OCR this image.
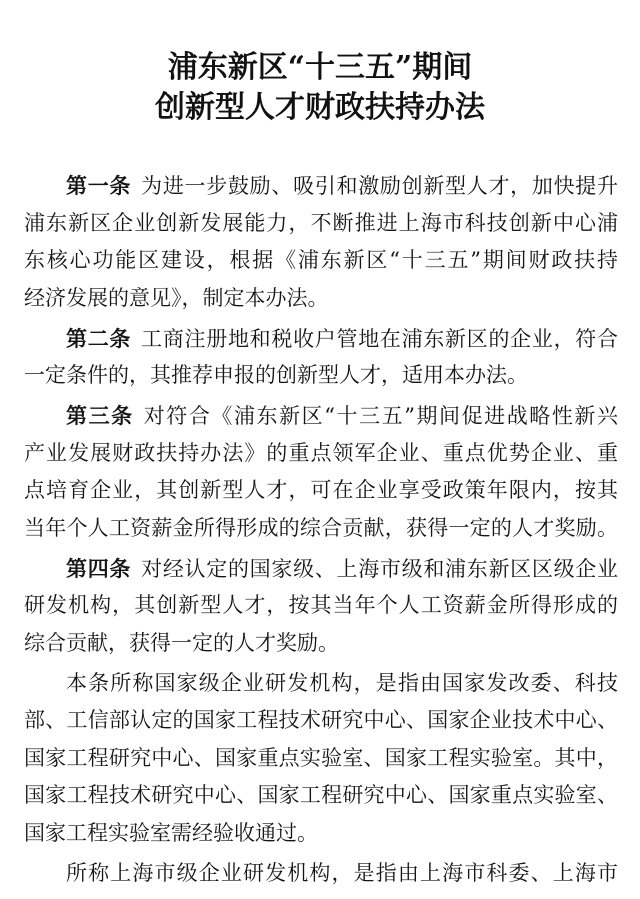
浦东新区“十三五”期间
创新型人才财政扶持办法
第一条 为进一步鼓励、吸引和激励创新型人才，加快提升
浦东新区企业创新发展能力，不断推进上海市科技创新中心浦
东核心功能区建设，根据《浦东新区“十三五”期间财政扶持
经济发展的意见》，制定本办法。
第二条 工商注册地和税收户管地在浦东新区的企业，符合
一定条件的，其推荐申报的创新型人才，适用本办法。
第三条 对符合《浦东新区“十三五”期间促进战略性新兴
产业发展财政扶持办法》的重点领军企业、重点优势企业、重
点培育企业，其创新型人才，可在企业享受政策年限内，按其
当年个人工资薪金所得形成的综合贡献，获得一定的人才奖励。
第四条 对经认定的国家级、上海市级和浦东新区区级企业
研发机构，其创新型人才，按其当年个人工资薪金所得形成的
综合贡献，获得一定的人才奖励。
本条所称国家级企业研发机构，是指由国家发改委、科技
部、工信部认定的国家工程技术研究中心、国家企业技术中心、
国家工程研究中心、国家重点实验室、国家工程实验室。其中，
国家工程技术研究中心、国家工程研究中心、国家重点实验室、
国家工程实验室需经验收通过。
所称上海市级企业研发机构，是指由上海市科委、上海市
